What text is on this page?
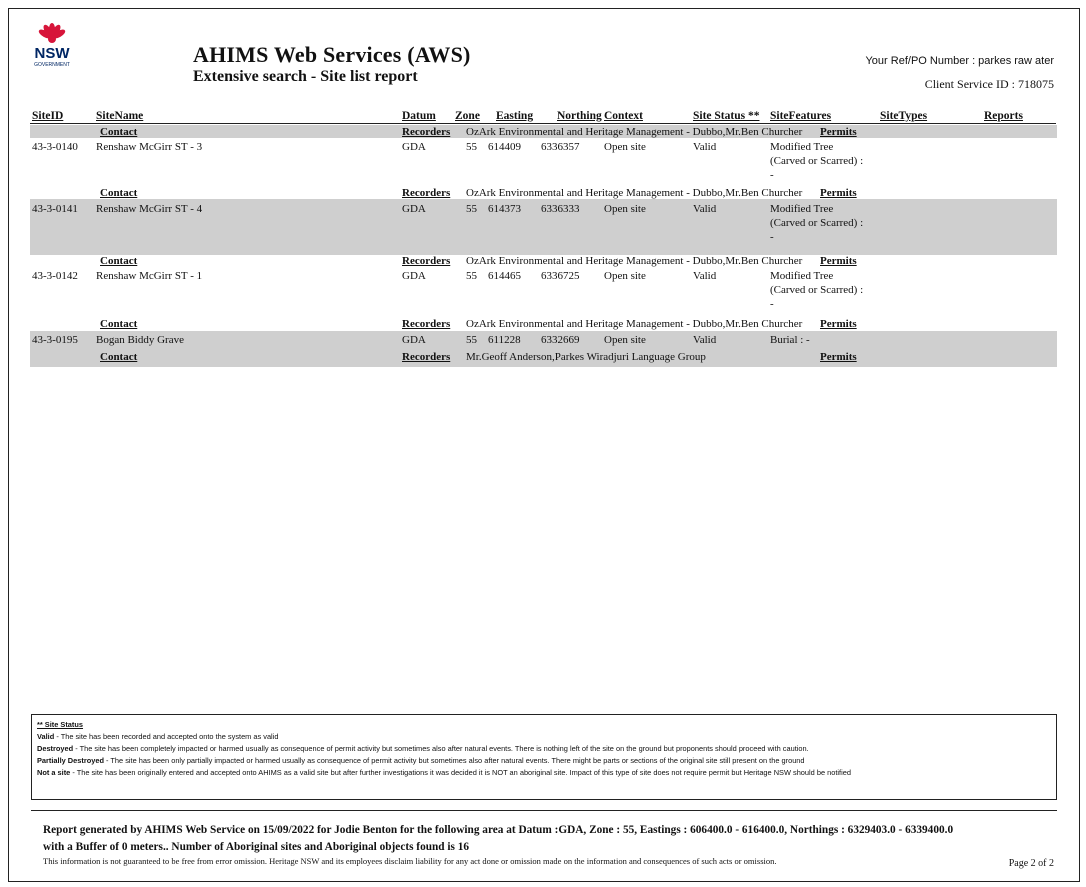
NSW
GOVERNMENT	AHIMS Web Services (AWS)
Extensive search - Site list report
Your Ref/PO Number : parkes raw ater
Client Service ID : 718075
SiteID	SiteName	Datum Zone Easting Northing Context	Site Status ** SiteFeatures	SiteTypes	Reports
Contact	Recorders OzArk Environmental and Heritage Management - Dubbo,Mr.Ben Churcher Permits
43-3-0140 Renshaw McGirr ST - 3	GDA	55 614409 6336357 Open site	Valid	Modified Tree
(Carved or Scarred) :
-
Contact	Recorders OzArk Environmental and Heritage Management - Dubbo,Mr.Ben Churcher Permits
43-3-0141 Renshaw McGirr ST - 4	GDA	55 614373 6336333 Open site	Valid	Modified Tree
(Carved or Scarred) :
-
Contact	Recorders OzArk Environmental and Heritage Management - Dubbo,Mr.Ben Churcher Permits
43-3-0142 Renshaw McGirr ST - 1	GDA	55 614465 6336725 Open site	Valid	Modified Tree
(Carved or Scarred) :
-
Contact	Recorders OzArk Environmental and Heritage Management - Dubbo,Mr.Ben Churcher Permits
43-3-0195 Bogan Biddy Grave	GDA	55 611228 6332669 Open site	Valid	Burial : -
Contact	Recorders Mr.Geoff Anderson,Parkes Wiradjuri Language Group	Permits
** Site Status
Valid - The site has been recorded and accepted onto the system as valid
Destroyed - The site has been completely impacted or harmed usually as consequence of permit activity but sometimes also after natural events. There is nothing left of the site on the ground but proponents should proceed with caution.
Partially Destroyed - The site has been only partially impacted or harmed usually as consequence of permit activity but sometimes also after natural events. There might be parts or sections of the original site still present on the ground
Not a site - The site has been originally entered and accepted onto AHIMS as a valid site but after further investigations it was decided it is NOT an aboriginal site. Impact of this type of site does not require permit but Heritage NSW should be notified
Report generated by AHIMS Web Service on 15/09/2022 for Jodie Benton for the following area at Datum :GDA, Zone : 55, Eastings : 606400.0 - 616400.0, Northings : 6329403.0 - 6339400.0
with a Buffer of 0 meters.. Number of Aboriginal sites and Aboriginal objects found is 16
This information is not guaranteed to be free from error omission. Heritage NSW and its employees disclaim liability for any act done or omission made on the information and consequences of such acts or omission.	Page 2 of 2
